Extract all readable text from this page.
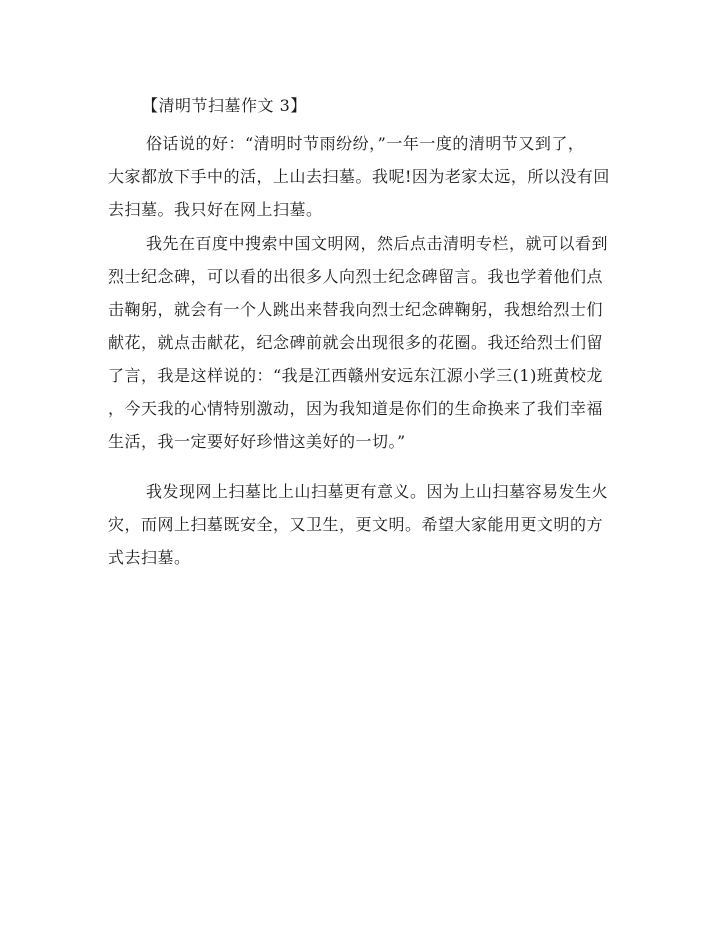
【清明节扫墓作文 3】
俗话说的好：“清明时节雨纷纷，”一年一度的清明节又到了，
大家都放下手中的活，上山去扫墓。我呢!因为老家太远，所以没有回
去扫墓。我只好在网上扫墓。
我先在百度中搜索中国文明网，然后点击清明专栏，就可以看到
烈士纪念碑，可以看的出很多人向烈士纪念碑留言。我也学着他们点
击鞠躬，就会有一个人跳出来替我向烈士纪念碑鞠躬，我想给烈士们
献花，就点击献花，纪念碑前就会出现很多的花圈。我还给烈士们留
了言，我是这样说的：“我是江西赣州安远东江源小学三(1)班黄校龙
，今天我的心情特别激动，因为我知道是你们的生命换来了我们幸福
生活，我一定要好好珍惜这美好的一切。”
我发现网上扫墓比上山扫墓更有意义。因为上山扫墓容易发生火
灾，而网上扫墓既安全，又卫生，更文明。希望大家能用更文明的方
式去扫墓。
